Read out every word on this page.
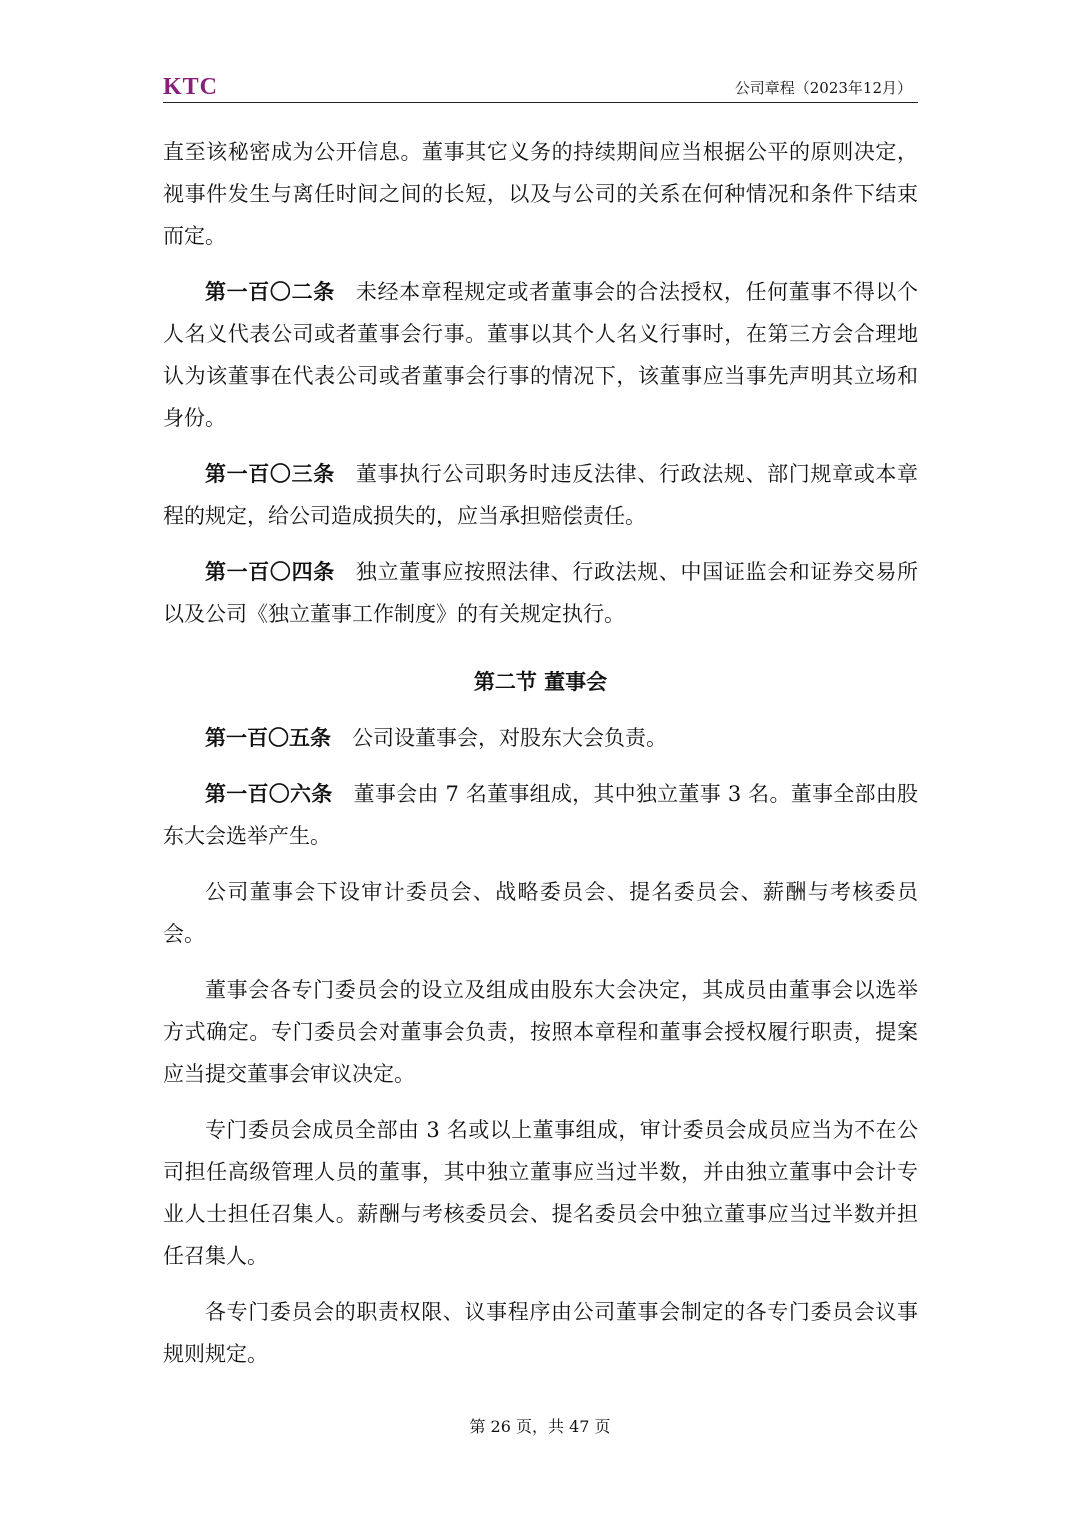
KTC	公司章程（2023年12月）

直至该秘密成为公开信息。董事其它义务的持续期间应当根据公平的原则决定，视事件发生与离任时间之间的长短，以及与公司的关系在何种情况和条件下结束而定。

第一百〇二条 未经本章程规定或者董事会的合法授权，任何董事不得以个人名义代表公司或者董事会行事。董事以其个人名义行事时，在第三方会合理地认为该董事在代表公司或者董事会行事的情况下，该董事应当事先声明其立场和身份。

第一百〇三条 董事执行公司职务时违反法律、行政法规、部门规章或本章程的规定，给公司造成损失的，应当承担赔偿责任。

第一百〇四条 独立董事应按照法律、行政法规、中国证监会和证券交易所以及公司《独立董事工作制度》的有关规定执行。

第二节 董事会

第一百〇五条 公司设董事会，对股东大会负责。

第一百〇六条 董事会由 7 名董事组成，其中独立董事 3 名。董事全部由股东大会选举产生。

公司董事会下设审计委员会、战略委员会、提名委员会、薪酬与考核委员会。

董事会各专门委员会的设立及组成由股东大会决定，其成员由董事会以选举方式确定。专门委员会对董事会负责，按照本章程和董事会授权履行职责，提案应当提交董事会审议决定。

专门委员会成员全部由 3 名或以上董事组成，审计委员会成员应当为不在公司担任高级管理人员的董事，其中独立董事应当过半数，并由独立董事中会计专业人士担任召集人。薪酬与考核委员会、提名委员会中独立董事应当过半数并担任召集人。

各专门委员会的职责权限、议事程序由公司董事会制定的各专门委员会议事规则规定。

第 26 页，共 47 页
